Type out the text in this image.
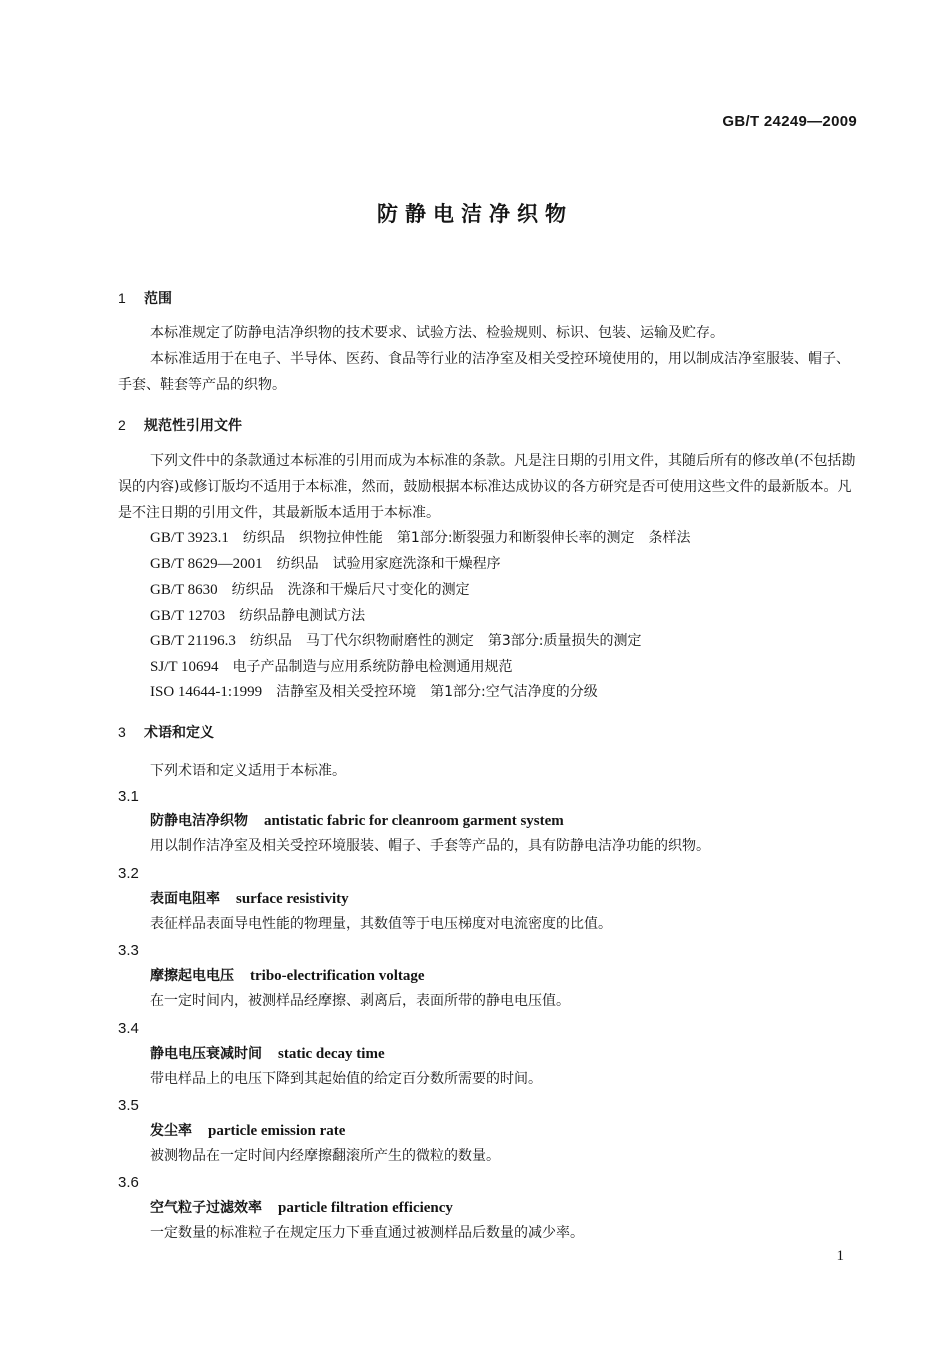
GB/T 24249—2009
防静电洁净织物
1 范围
本标准规定了防静电洁净织物的技术要求、试验方法、检验规则、标识、包装、运输及贮存。
本标准适用于在电子、半导体、医药、食品等行业的洁净室及相关受控环境使用的，用以制成洁净室服装、帽子、手套、鞋套等产品的织物。
2 规范性引用文件
下列文件中的条款通过本标准的引用而成为本标准的条款。凡是注日期的引用文件，其随后所有的修改单(不包括勘误的内容)或修订版均不适用于本标准，然而，鼓励根据本标准达成协议的各方研究是否可使用这些文件的最新版本。凡是不注日期的引用文件，其最新版本适用于本标准。
GB/T 3923.1 纺织品　织物拉伸性能　第1部分:断裂强力和断裂伸长率的测定　条样法
GB/T 8629—2001 纺织品　试验用家庭洗涤和干燥程序
GB/T 8630 纺织品　洗涤和干燥后尺寸变化的测定
GB/T 12703 纺织品静电测试方法
GB/T 21196.3 纺织品　马丁代尔织物耐磨性的测定　第3部分:质量损失的测定
SJ/T 10694 电子产品制造与应用系统防静电检测通用规范
ISO 14644-1:1999 洁静室及相关受控环境　第1部分:空气洁净度的分级
3 术语和定义
下列术语和定义适用于本标准。
3.1
防静电洁净织物 antistatic fabric for cleanroom garment system
用以制作洁净室及相关受控环境服装、帽子、手套等产品的，具有防静电洁净功能的织物。
3.2
表面电阻率 surface resistivity
表征样品表面导电性能的物理量，其数值等于电压梯度对电流密度的比值。
3.3
摩擦起电电压 tribo-electrification voltage
在一定时间内，被测样品经摩擦、剥离后，表面所带的静电电压值。
3.4
静电电压衰减时间 static decay time
带电样品上的电压下降到其起始值的给定百分数所需要的时间。
3.5
发尘率 particle emission rate
被测物品在一定时间内经摩擦翻滚所产生的微粒的数量。
3.6
空气粒子过滤效率 particle filtration efficiency
一定数量的标准粒子在规定压力下垂直通过被测样品后数量的减少率。
1
